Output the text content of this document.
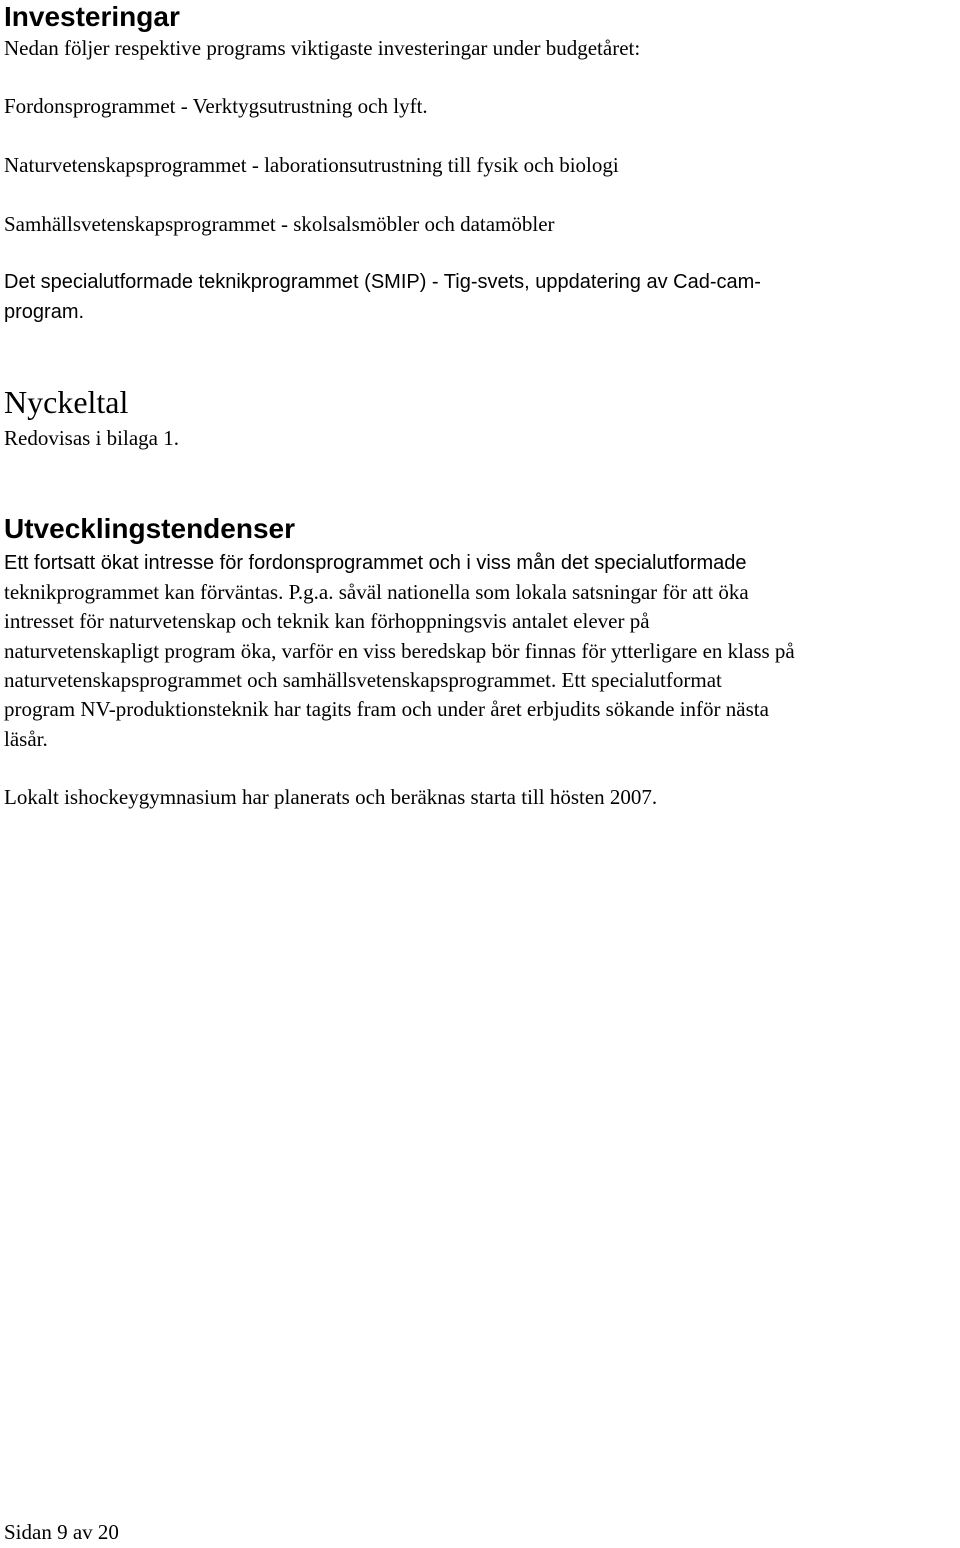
Investeringar
Nedan följer respektive programs viktigaste investeringar under budgetåret:
Fordonsprogrammet - Verktygsutrustning och lyft.
Naturvetenskapsprogrammet - laborationsutrustning till fysik och biologi
Samhällsvetenskapsprogrammet - skolsalsmöbler och datamöbler
Det specialutformade teknikprogrammet (SMIP) - Tig-svets, uppdatering av Cad-cam-
program.
Nyckeltal
Redovisas i bilaga 1.
Utvecklingstendenser
Ett fortsatt ökat intresse för fordonsprogrammet och i viss mån det specialutformade
teknikprogrammet kan förväntas. P.g.a. såväl nationella som lokala satsningar för att öka
intresset för naturvetenskap och teknik kan förhoppningsvis antalet elever på
naturvetenskapligt program öka, varför en viss beredskap bör finnas för ytterligare en klass på
naturvetenskapsprogrammet och samhällsvetenskapsprogrammet. Ett specialutformat
program NV-produktionsteknik har tagits fram och under året erbjudits sökande inför nästa
läsår.
Lokalt ishockeygymnasium har planerats och beräknas starta till hösten 2007.
Sidan 9 av 20
